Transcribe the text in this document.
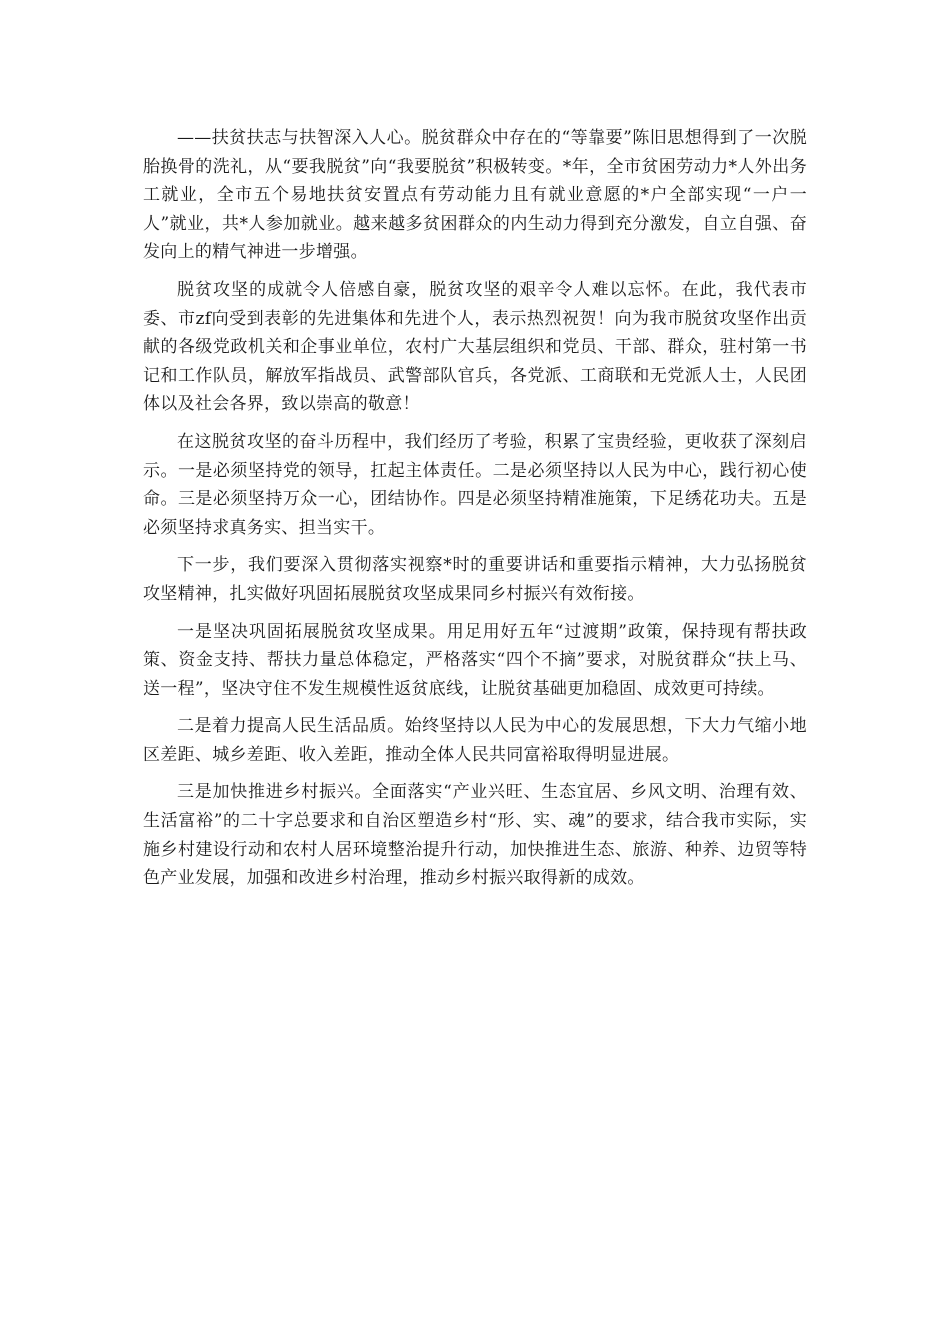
——扶贫扶志与扶智深入人心。脱贫群众中存在的“等靠要”陈旧思想得到了一次脱胎换骨的洗礼，从“要我脱贫”向“我要脱贫”积极转变。*年，全市贫困劳动力*人外出务工就业，全市五个易地扶贫安置点有劳动能力且有就业意愿的*户全部实现“一户一人”就业，共*人参加就业。越来越多贫困群众的内生动力得到充分激发，自立自强、奋发向上的精气神进一步增强。

脱贫攻坚的成就令人倍感自豪，脱贫攻坚的艰辛令人难以忘怀。在此，我代表市委、市zf向受到表彰的先进集体和先进个人，表示热烈祝贺！向为我市脱贫攻坚作出贡献的各级党政机关和企事业单位，农村广大基层组织和党员、干部、群众，驻村第一书记和工作队员，解放军指战员、武警部队官兵，各党派、工商联和无党派人士，人民团体以及社会各界，致以崇高的敬意！

在这脱贫攻坚的奋斗历程中，我们经历了考验，积累了宝贵经验，更收获了深刻启示。一是必须坚持党的领导，扛起主体责任。二是必须坚持以人民为中心，践行初心使命。三是必须坚持万众一心，团结协作。四是必须坚持精准施策，下足绣花功夫。五是必须坚持求真务实、担当实干。

下一步，我们要深入贯彻落实视察*时的重要讲话和重要指示精神，大力弘扬脱贫攻坚精神，扎实做好巩固拓展脱贫攻坚成果同乡村振兴有效衔接。

一是坚决巩固拓展脱贫攻坚成果。用足用好五年“过渡期”政策，保持现有帮扶政策、资金支持、帮扶力量总体稳定，严格落实“四个不摘”要求，对脱贫群众“扶上马、送一程”，坚决守住不发生规模性返贫底线，让脱贫基础更加稳固、成效更可持续。

二是着力提高人民生活品质。始终坚持以人民为中心的发展思想，下大力气缩小地区差距、城乡差距、收入差距，推动全体人民共同富裕取得明显进展。

三是加快推进乡村振兴。全面落实“产业兴旺、生态宜居、乡风文明、治理有效、生活富裕”的二十字总要求和自治区塑造乡村“形、实、魂”的要求，结合我市实际，实施乡村建设行动和农村人居环境整治提升行动，加快推进生态、旅游、种养、边贸等特色产业发展，加强和改进乡村治理，推动乡村振兴取得新的成效。
